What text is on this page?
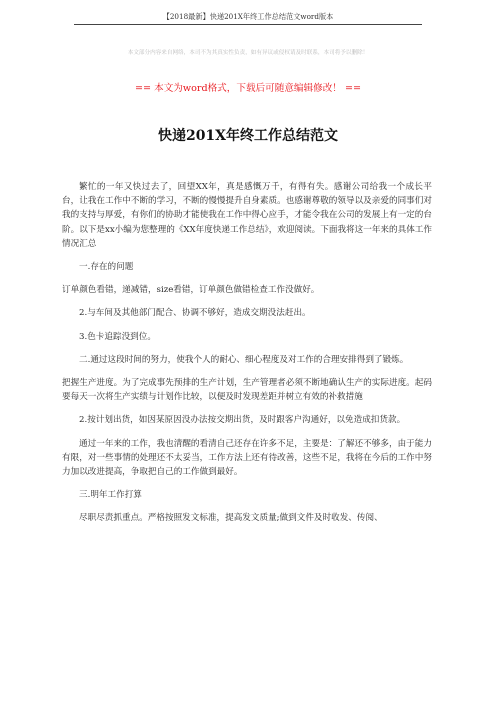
【2018最新】快递201X年终工作总结范文word版本
本文部分内容来自网络，本司不为其真实性负责，如有异议或侵权请及时联系，本司将予以删除！
== 本文为word格式，下载后可随意编辑修改！ ==
快递201X年终工作总结范文

繁忙的一年又快过去了，回望XX年，真是感慨万千，有得有失。感谢公司给我一个成长平台，让我在工作中不断的学习，不断的慢慢提升自身素质。也感谢尊敬的领导以及亲爱的同事们对我的支持与厚爱，有你们的协助才能使我在工作中得心应手，才能令我在公司的发展上有一定的台阶。以下是xx小编为您整理的《XX年度快递工作总结》，欢迎阅读。下面我将这一年来的具体工作情况汇总

一.存在的问题

订单颜色看错，递减错，size看错，订单颜色做错检查工作没做好。

2.与车间及其他部门配合、协调不够好，造成交期没法赶出。

3.色卡追踪没到位。

二.通过这段时间的努力，使我个人的耐心、细心程度及对工作的合理安排得到了锻炼。

把握生产进度。为了完成事先预排的生产计划，生产管理者必须不断地确认生产的实际进度。起码要每天一次将生产实绩与计划作比较，以便及时发现差距并树立有效的补救措施

2.按计划出货，如因某原因没办法按交期出货，及时跟客户沟通好，以免造成扣货款。

通过一年来的工作，我也清醒的看清自己还存在许多不足，主要是：了解还不够多，由于能力有限，对一些事情的处理还不太妥当，工作方法上还有待改善，这些不足，我将在今后的工作中努力加以改进提高，争取把自己的工作做到最好。

三.明年工作打算

尽职尽责抓重点。严格按照发文标准，提高发文质量;做到文件及时收发、传阅、
